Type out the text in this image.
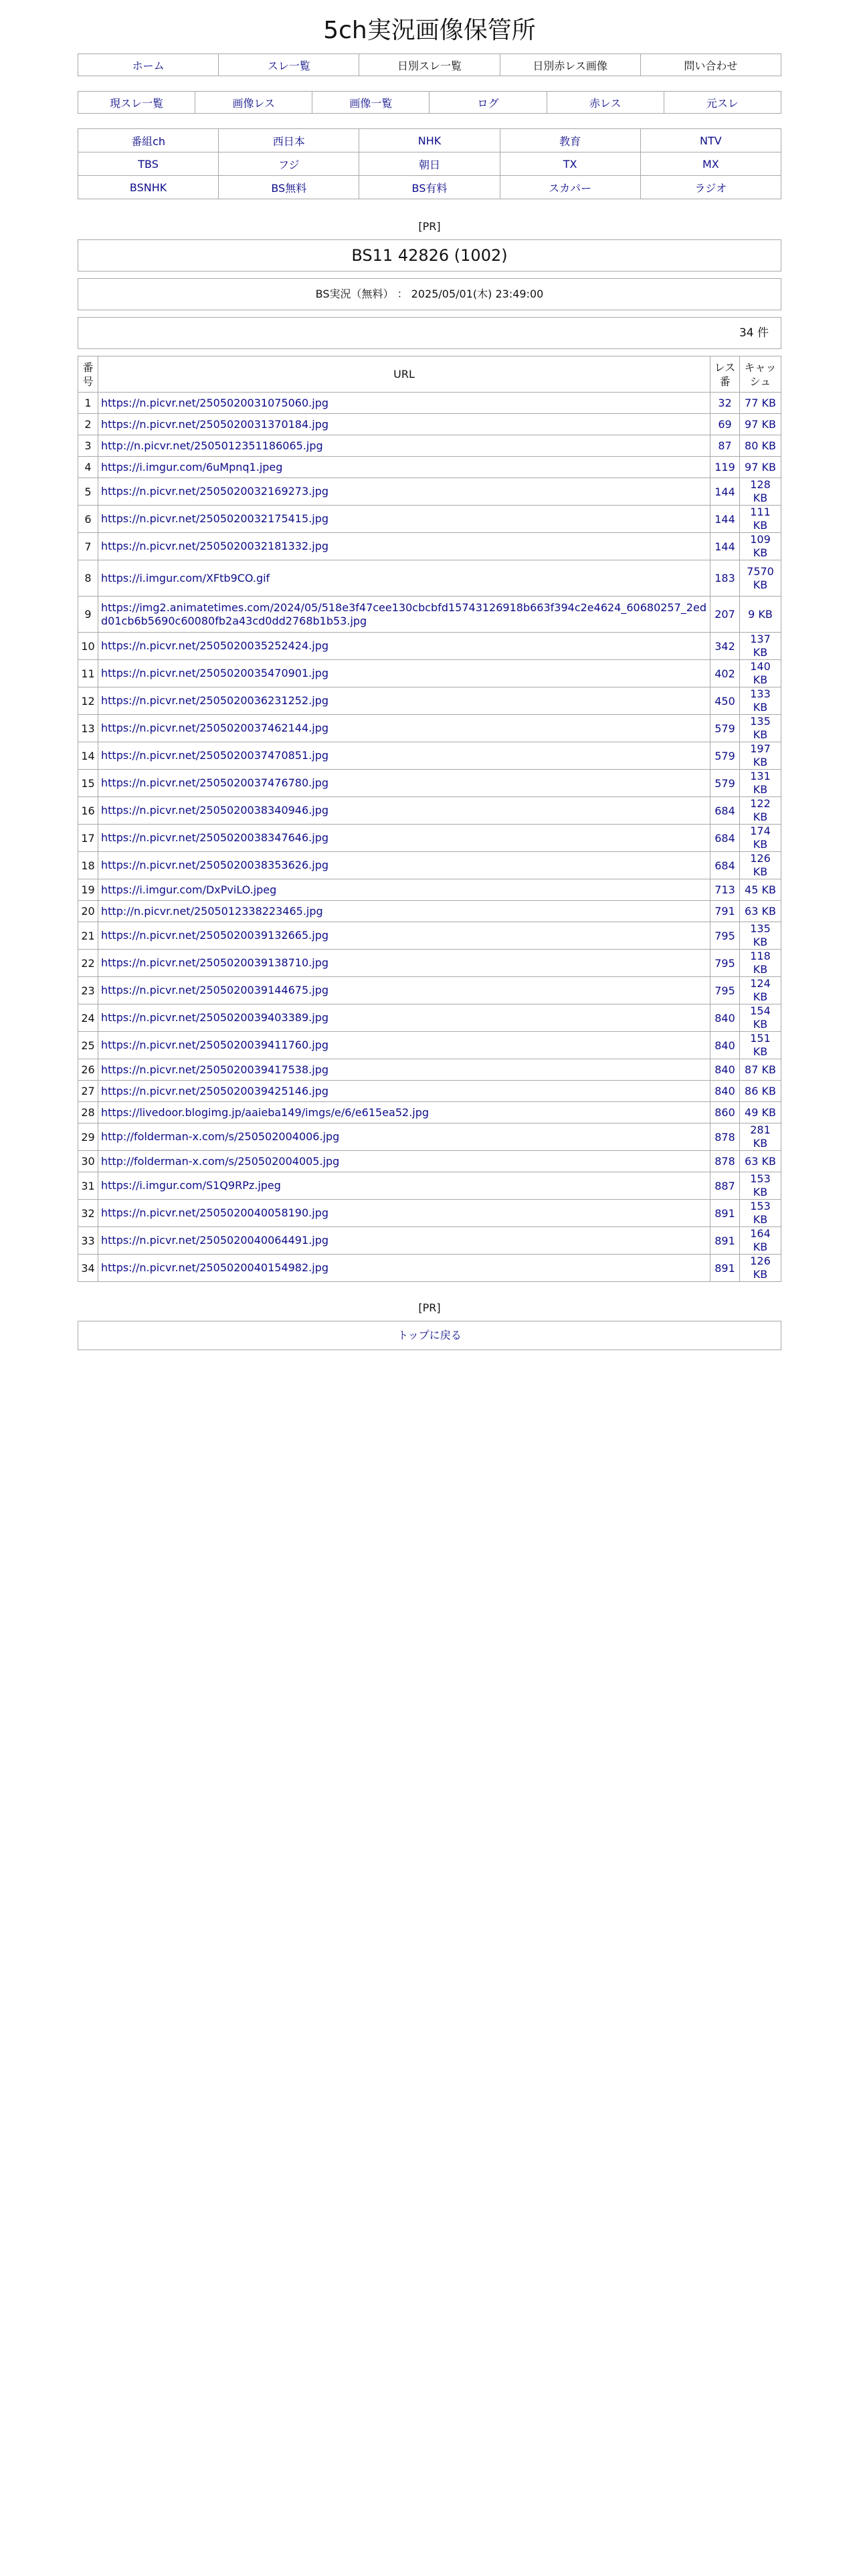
5ch実況画像保管所
ホーム	スレ一覧	日別スレ一覧	日別赤レス画像	問い合わせ
現スレ一覧	画像レス	画像一覧	ログ	赤レス	元スレ
番組ch	西日本	NHK	教育	NTV
TBS	フジ	朝日	TX	MX
BSNHK	BS無料	BS有料	スカパー	ラジオ
[PR]
BS11 42826 (1002)
BS実況（無料） ： 2025/05/01(木) 23:49:00
34 件
番号	URL	レス番	キャッシュ
1	https://n.picvr.net/2505020031075060.jpg	32	77 KB
2	https://n.picvr.net/2505020031370184.jpg	69	97 KB
3	http://n.picvr.net/2505012351186065.jpg	87	80 KB
4	https://i.imgur.com/6uMpnq1.jpeg	119	97 KB
5	https://n.picvr.net/2505020032169273.jpg	144	128 KB
6	https://n.picvr.net/2505020032175415.jpg	144	111 KB
7	https://n.picvr.net/2505020032181332.jpg	144	109 KB
8	https://i.imgur.com/XFtb9CO.gif	183	7570 KB
9	https://img2.animatetimes.com/2024/05/518e3f47cee130cbcbfd15743126918b663f394c2e4624_60680257_2edd01cb6b5690c60080fb2a43cd0dd2768b1b53.jpg	207	9 KB
10	https://n.picvr.net/2505020035252424.jpg	342	137 KB
11	https://n.picvr.net/2505020035470901.jpg	402	140 KB
12	https://n.picvr.net/2505020036231252.jpg	450	133 KB
13	https://n.picvr.net/2505020037462144.jpg	579	135 KB
14	https://n.picvr.net/2505020037470851.jpg	579	197 KB
15	https://n.picvr.net/2505020037476780.jpg	579	131 KB
16	https://n.picvr.net/2505020038340946.jpg	684	122 KB
17	https://n.picvr.net/2505020038347646.jpg	684	174 KB
18	https://n.picvr.net/2505020038353626.jpg	684	126 KB
19	https://i.imgur.com/DxPviLO.jpeg	713	45 KB
20	http://n.picvr.net/2505012338223465.jpg	791	63 KB
21	https://n.picvr.net/2505020039132665.jpg	795	135 KB
22	https://n.picvr.net/2505020039138710.jpg	795	118 KB
23	https://n.picvr.net/2505020039144675.jpg	795	124 KB
24	https://n.picvr.net/2505020039403389.jpg	840	154 KB
25	https://n.picvr.net/2505020039411760.jpg	840	151 KB
26	https://n.picvr.net/2505020039417538.jpg	840	87 KB
27	https://n.picvr.net/2505020039425146.jpg	840	86 KB
28	https://livedoor.blogimg.jp/aaieba149/imgs/e/6/e615ea52.jpg	860	49 KB
29	http://folderman-x.com/s/250502004006.jpg	878	281 KB
30	http://folderman-x.com/s/250502004005.jpg	878	63 KB
31	https://i.imgur.com/S1Q9RPz.jpeg	887	153 KB
32	https://n.picvr.net/2505020040058190.jpg	891	153 KB
33	https://n.picvr.net/2505020040064491.jpg	891	164 KB
34	https://n.picvr.net/2505020040154982.jpg	891	126 KB
[PR]
トップに戻る
